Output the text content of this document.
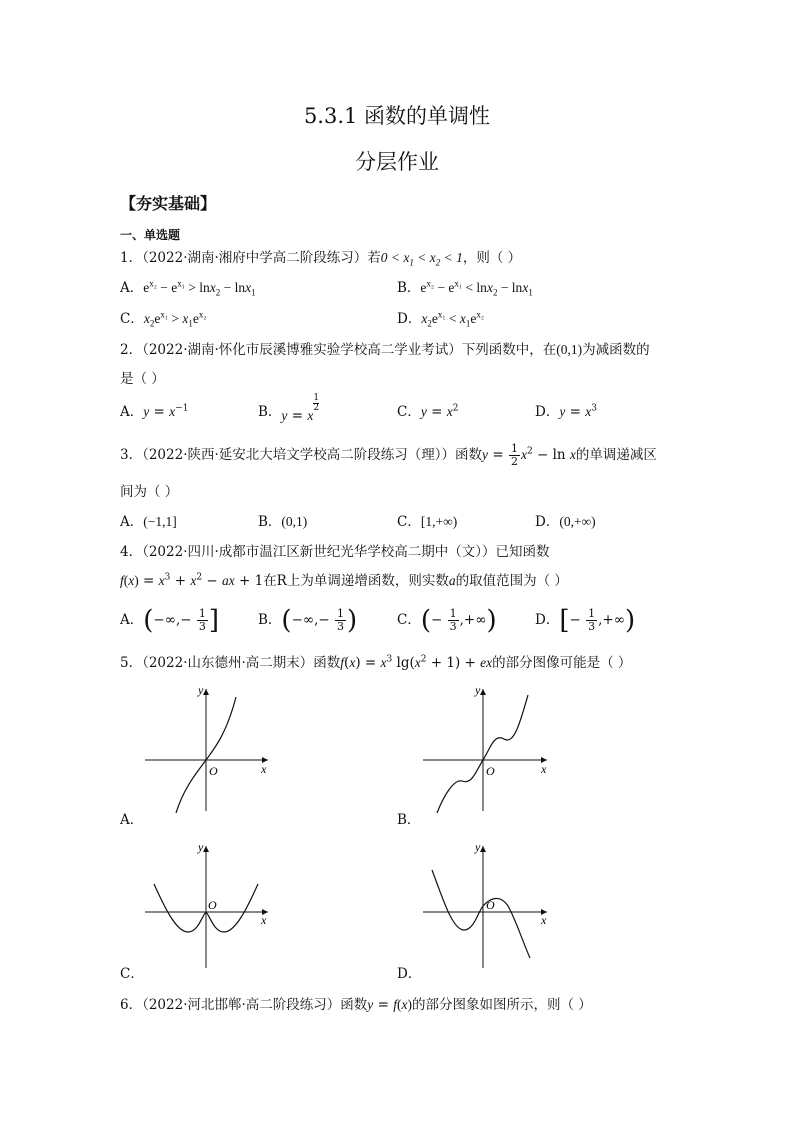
5.3.1 函数的单调性
分层作业
【夯实基础】
一、单选题
1．（2022·湖南·湘府中学高二阶段练习）若$0 < x_1 < x_2 < 1$，则（ ）
A．$e^{x_2} - e^{x_1} > \ln x_2 - \ln x_1$	B．$e^{x_2} - e^{x_1} < \ln x_2 - \ln x_1$
C．$x_2e^{x_1} > x_1e^{x_2}$	D．$x_2e^{x_1} < x_1e^{x_2}$
2．（2022·湖南·怀化市辰溪博雅实验学校高二学业考试）下列函数中，在(0,1)为减函数的
是（ ）
A．$y = x^{-1}$	B．y = x
$\frac{1}{2}$	C．$y = x^2$	D．$y = x^3$
3．（2022·陕西·延安北大培文学校高二阶段练习（理））函数$y = \frac{1}{2} x^2 - \ln x$的单调递减区
间为（ ）
A．(−1,1]	B．(0,1)	C．[1,+∞)	D．(0,+∞)
4．（2022·四川·成都市温江区新世纪光华学校高二期中（文））已知函数
$f(x) = x^3 + x^2$ − ax + 1在R上为单调递增函数，则实数a的取值范围为（ ）
A．(−∞,− $\frac{1}{3}$ ]	B．(−∞,− $\frac{1}{3}$ )	C．(− $\frac{1}{3}$ ,+∞)	D．[− $\frac{1}{3}$ ,+∞)
5．（2022·山东德州·高二期末）函数$f(x) = x^3$ $\lg(x^2 + 1)$ + ex的部分图像可能是（ ）
y
x
O
A．
y
x
O
B．
y
x
O
C．
y
x
O
D．
6．（2022·河北邯郸·高二阶段练习）函数y = f(x)的部分图象如图所示，则（ ）
